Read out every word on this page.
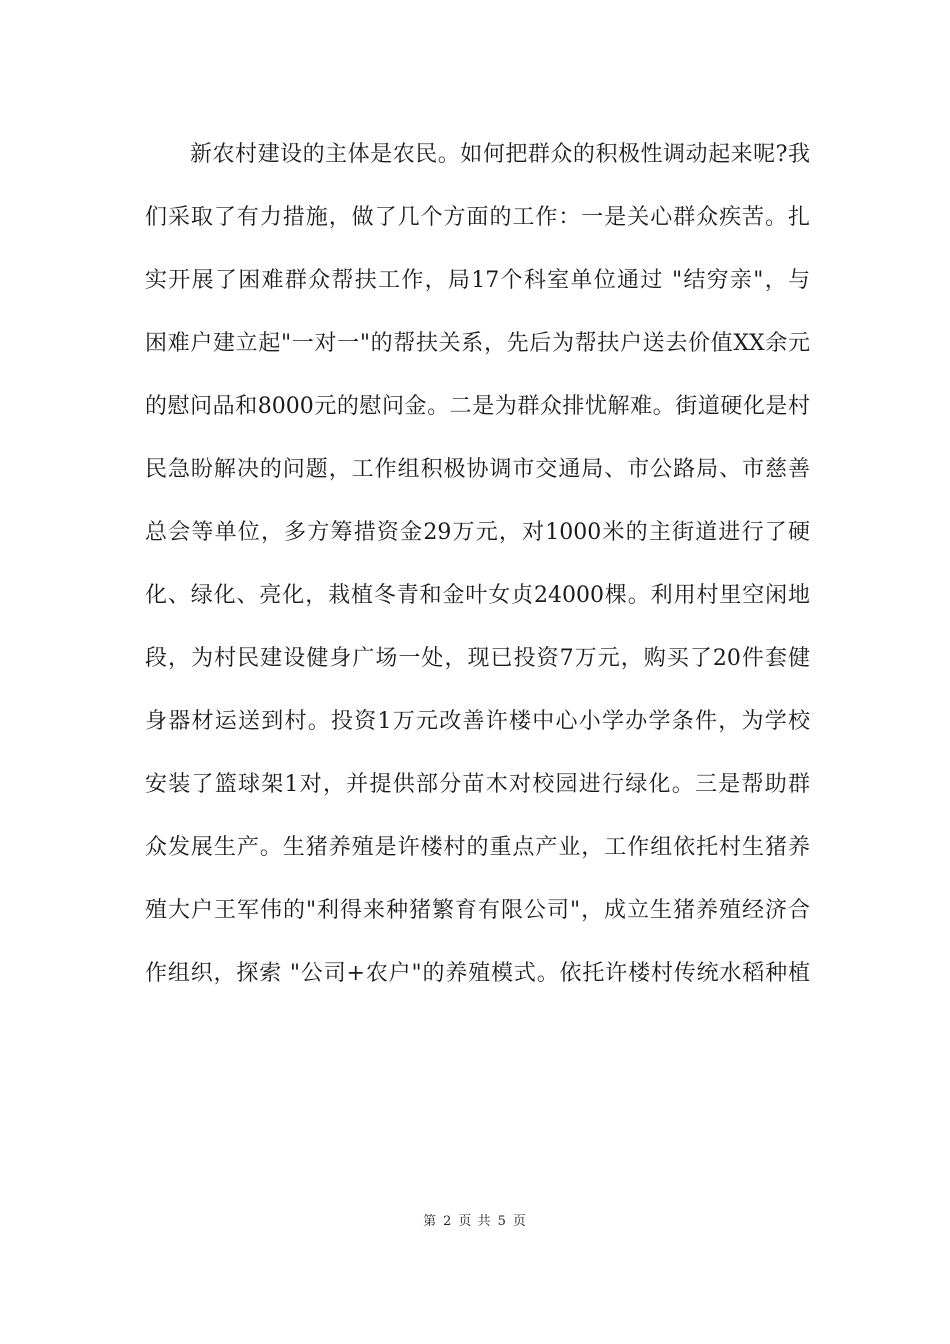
新农村建设的主体是农民。如何把群众的积极性调动起来呢?我
们采取了有力措施，做了几个方面的工作：一是关心群众疾苦。扎
实开展了困难群众帮扶工作，局17个科室单位通过 "结穷亲"，与
困难户建立起"一对一"的帮扶关系，先后为帮扶户送去价值XX余元
的慰问品和8000元的慰问金。二是为群众排忧解难。街道硬化是村
民急盼解决的问题，工作组积极协调市交通局、市公路局、市慈善
总会等单位，多方筹措资金29万元，对1000米的主街道进行了硬
化、绿化、亮化，栽植冬青和金叶女贞24000棵。利用村里空闲地
段，为村民建设健身广场一处，现已投资7万元，购买了20件套健
身器材运送到村。投资1万元改善许楼中心小学办学条件，为学校
安装了篮球架1对，并提供部分苗木对校园进行绿化。三是帮助群
众发展生产。生猪养殖是许楼村的重点产业，工作组依托村生猪养
殖大户王军伟的"利得来种猪繁育有限公司"，成立生猪养殖经济合
作组织，探索 "公司+农户"的养殖模式。依托许楼村传统水稻种植
第 2 页 共 5 页
